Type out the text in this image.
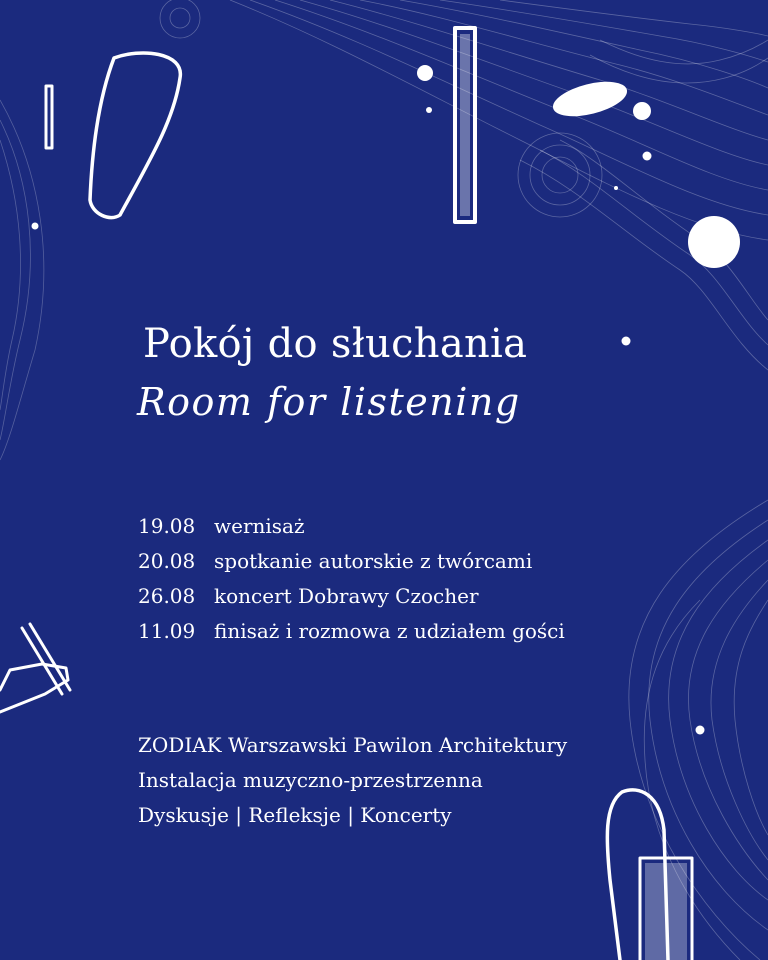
Pokój do słuchania
Room for listening
19.08 wernisaż
20.08 spotkanie autorskie z twórcami
26.08 koncert Dobrawy Czocher
11.09 finisaż i rozmowa z udziałem gości
ZODIAK Warszawski Pawilon Architektury
Instalacja muzyczno-przestrzenna
Dyskusje | Refleksje | Koncerty
